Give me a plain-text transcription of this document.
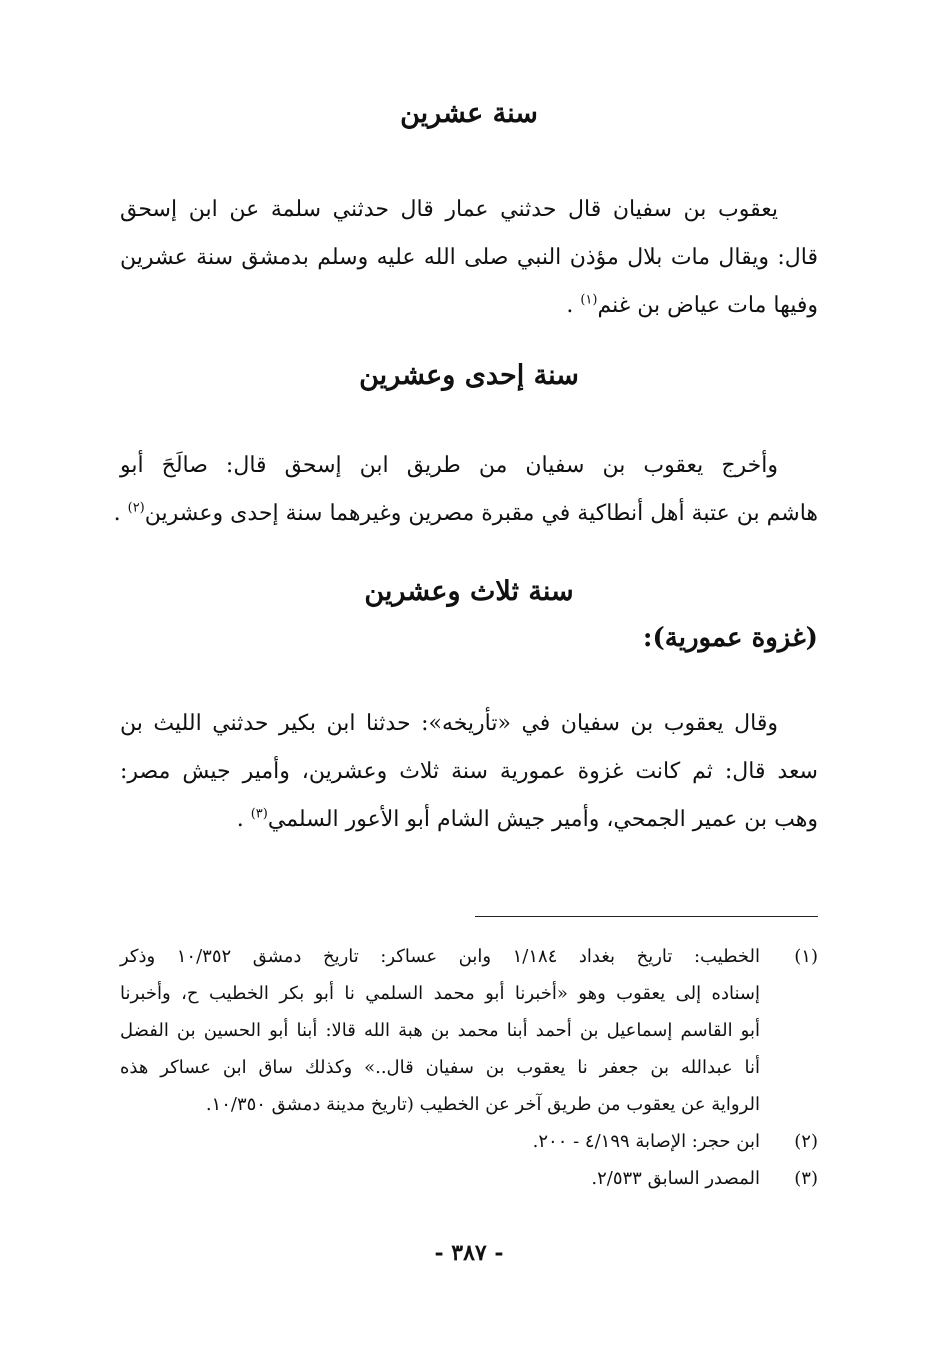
سنة عشرين

يعقوب بن سفيان قال حدثني عمار قال حدثني سلمة عن ابن إسحق
قال: ويقال مات بلال مؤذن النبي صلى الله عليه وسلم بدمشق سنة عشرين
وفيها مات عياض بن غنم$^{(١)}$ .

سنة إحدى وعشرين

وأخرج يعقوب بن سفيان من طريق ابن إسحق قال: صالَحَ أبو
هاشم بن عتبة أهل أنطاكية في مقبرة مصرين وغيرهما سنة إحدى وعشرين$^{(٢)}$ .

سنة ثلاث وعشرين
(غزوة عمورية):

وقال يعقوب بن سفيان في «تأريخه»: حدثنا ابن بكير حدثني الليث بن
سعد قال: ثم كانت غزوة عمورية سنة ثلاث وعشرين، وأمير جيش مصر:
وهب بن عمير الجمحي، وأمير جيش الشام أبو الأعور السلمي$^{(٣)}$ .

(١)
الخطيب: تاريخ بغداد ١/١٨٤ وابن عساكر: تاريخ دمشق ١٠/٣٥٢ وذكر
إسناده إلى يعقوب وهو «أخبرنا أبو محمد السلمي نا أبو بكر الخطيب ح، وأخبرنا
أبو القاسم إسماعيل بن أحمد أبنا محمد بن هبة الله قالا: أبنا أبو الحسين بن الفضل
أنا عبدالله بن جعفر نا يعقوب بن سفيان قال..» وكذلك ساق ابن عساكر هذه
الرواية عن يعقوب من طريق آخر عن الخطيب (تاريخ مدينة دمشق ١٠/٣٥٠.
(٢)
ابن حجر: الإصابة ٤/١٩٩ - ٢٠٠.
(٣)
المصدر السابق ٢/٥٣٣.
- ٣٨٧ -
